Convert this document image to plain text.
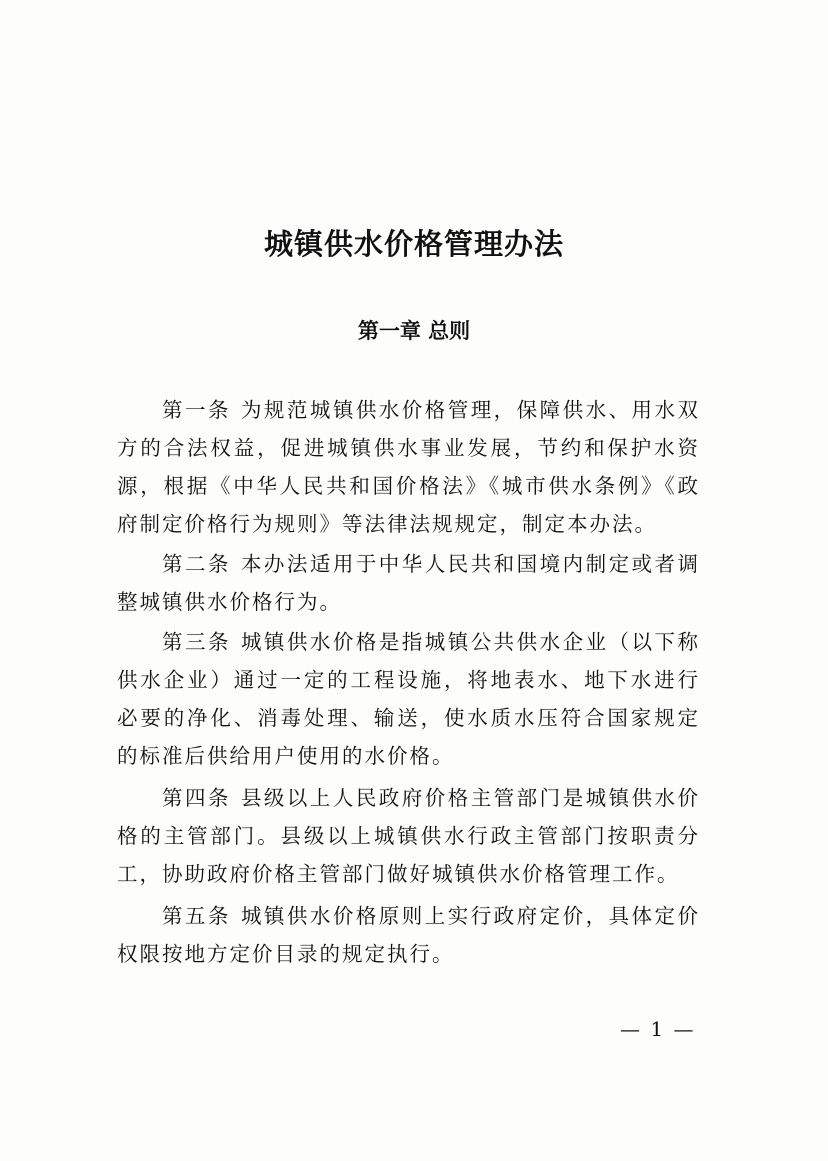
城镇供水价格管理办法
第一章 总则

第一条 为规范城镇供水价格管理，保障供水、用水双方的合法权益，促进城镇供水事业发展，节约和保护水资源，根据《中华人民共和国价格法》《城市供水条例》《政府制定价格行为规则》等法律法规规定，制定本办法。

第二条 本办法适用于中华人民共和国境内制定或者调整城镇供水价格行为。

第三条 城镇供水价格是指城镇公共供水企业（以下称供水企业）通过一定的工程设施，将地表水、地下水进行必要的净化、消毒处理、输送，使水质水压符合国家规定的标准后供给用户使用的水价格。

第四条 县级以上人民政府价格主管部门是城镇供水价格的主管部门。县级以上城镇供水行政主管部门按职责分工，协助政府价格主管部门做好城镇供水价格管理工作。

第五条 城镇供水价格原则上实行政府定价，具体定价权限按地方定价目录的规定执行。

— 1 —
